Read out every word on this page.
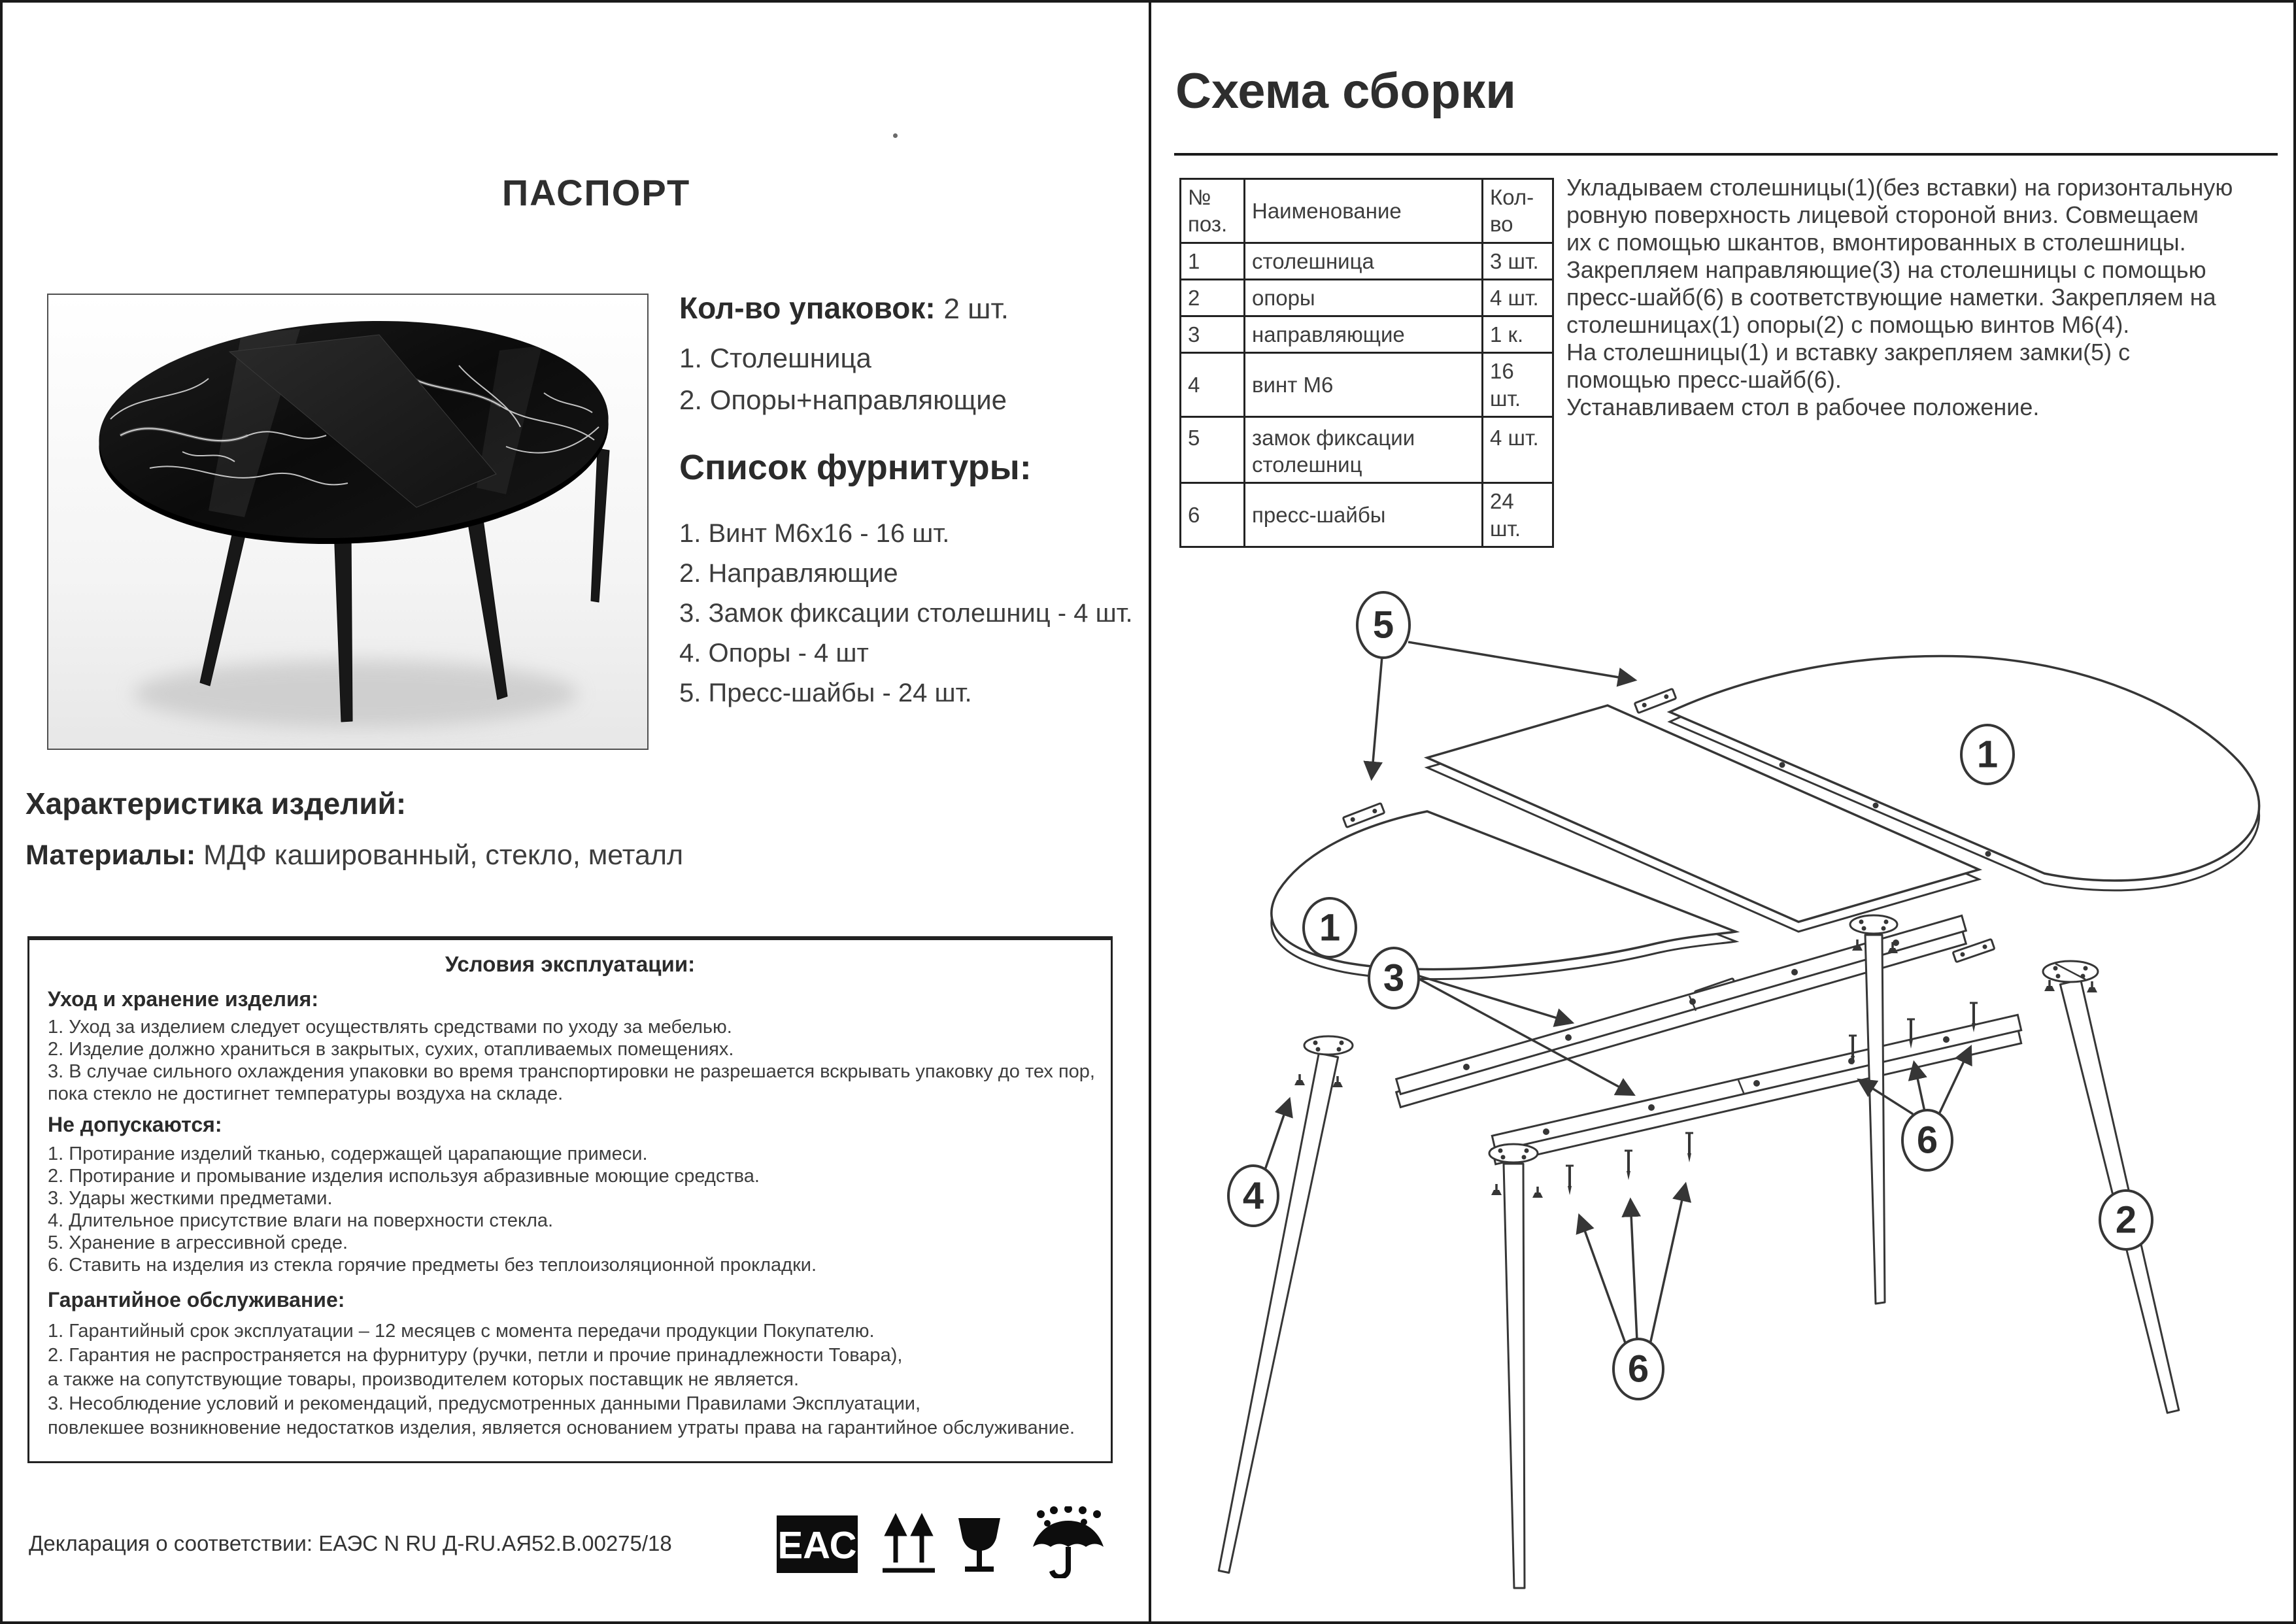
ПАСПОРТ
Кол-во упаковок: 2 шт.
1. Столешница
2. Опоры+направляющие
Список фурнитуры:
1. Винт М6х16 - 16 шт.
2. Направляющие
3. Замок фиксации столешниц - 4 шт.
4. Опоры - 4 шт
5. Пресс-шайбы - 24 шт.
Характеристика изделий:
Материалы: МДФ кашированный, стекло, металл
Условия эксплуатации:
Уход и хранение изделия:
1. Уход за изделием следует осуществлять средствами по уходу за мебелью.
2. Изделие должно храниться в закрытых, сухих, отапливаемых помещениях.
3. В случае сильного охлаждения упаковки во время транспортировки не разрешается вскрывать упаковку до тех пор,
пока стекло не достигнет температуры воздуха на складе.
Не допускаются:
1. Протирание изделий тканью, содержащей царапающие примеси.
2. Протирание и промывание изделия используя абразивные моющие средства.
3. Удары жесткими предметами.
4. Длительное присутствие влаги на поверхности стекла.
5. Хранение в агрессивной среде.
6. Ставить на изделия из стекла горячие предметы без теплоизоляционной прокладки.
Гарантийное обслуживание:
1. Гарантийный срок эксплуатации – 12 месяцев с момента передачи продукции Покупателю.
2. Гарантия не распространяется на фурнитуру (ручки, петли и прочие принадлежности Товара),
а также на сопутствующие товары, производителем которых поставщик не является.
3. Несоблюдение условий и рекомендаций, предусмотренных данными Правилами Эксплуатации,
повлекшее возникновение недостатков изделия, является основанием утраты права на гарантийное обслуживание.
ЕАС
Декларация о соответствии: ЕАЭС N RU Д-RU.АЯ52.В.00275/18
Схема сборки
№ поз.	Наименование	Кол-во
1	столешница	3 шт.
2	опоры	4 шт.
3	направляющие	1 к.
4	винт М6	16 шт.
5	замок фиксации столешниц	4 шт.
6	пресс-шайбы	24 шт.
Укладываем столешницы(1)(без вставки) на горизонтальную
ровную поверхность лицевой стороной вниз. Совмещаем
их с помощью шкантов, вмонтированных в столешницы.
Закрепляем направляющие(3) на столешницы с помощью
пресс-шайб(6) в соответствующие наметки. Закрепляем на
столешницах(1) опоры(2) с помощью винтов М6(4).
На столешницы(1) и вставку закрепляем замки(5) с
помощью пресс-шайб(6).
Устанавливаем стол в рабочее положение.
5
1
1
3
4
6
6
2
